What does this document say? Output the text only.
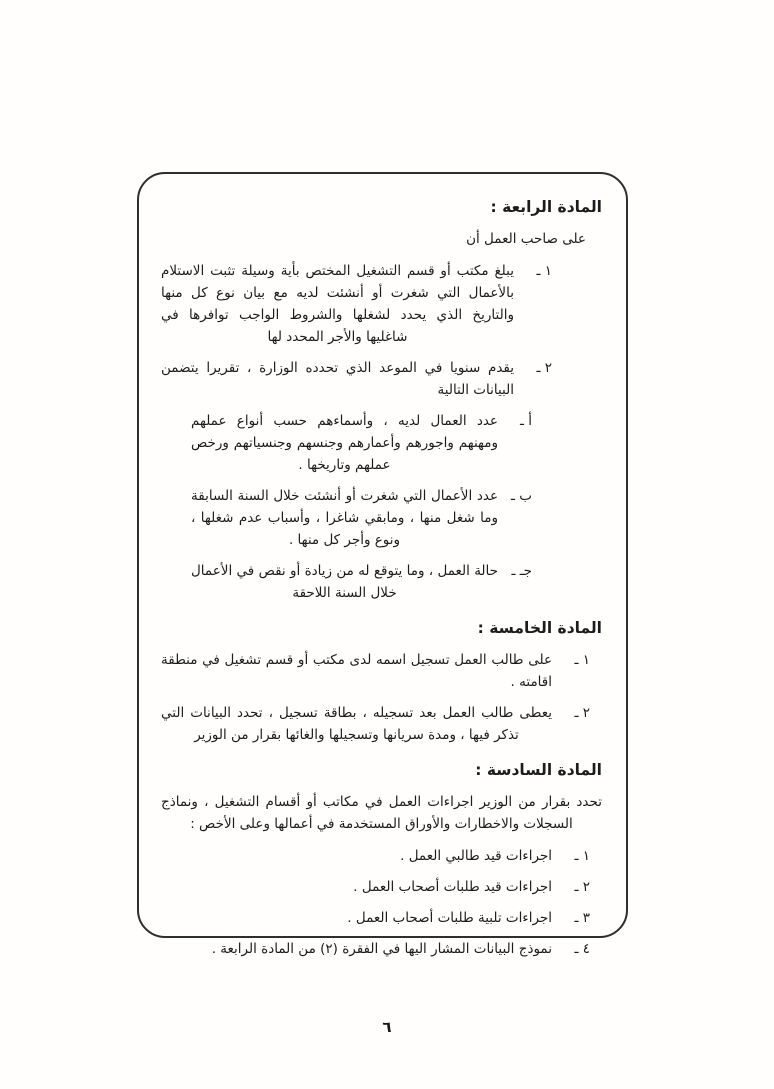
المادة الرابعة :

على صاحب العمل أن

١ ـ
يبلغ مكتب أو قسم التشغيل المختص بأية وسيلة تثبت الاستلام بالأعمال التي شغرت أو أنشئت لديه مع بيان نوع كل منها والتاريخ الذي يحدد لشغلها والشروط الواجب توافرها في شاغليها والأجر المحدد لها
٢ ـ
يقدم سنويا في الموعد الذي تحدده الوزارة ، تقريرا يتضمن البيانات التالية
أ ـ
عدد العمال لديه ، وأسماءهم حسب أنواع عملهم ومهنهم واجورهم وأعمارهم وجنسهم وجنسياتهم ورخص عملهم وتاريخها .
ب ـ
عدد الأعمال التي شغرت أو أنشئت خلال السنة السابقة وما شغل منها ، ومابقي شاغرا ، وأسباب عدم شغلها ، ونوع وأجر كل منها .
جـ ـ
حالة العمل ، وما يتوقع له من زيادة أو نقص في الأعمال خلال السنة اللاحقة
المادة الخامسة :
١ ـ
على طالب العمل تسجيل اسمه لدى مكتب أو قسم تشغيل في منطقة اقامته .
٢ ـ
يعطى طالب العمل بعد تسجيله ، بطاقة تسجيل ، تحدد البيانات التي تذكر فيها ، ومدة سريانها وتسجيلها والغائها بقرار من الوزير
المادة السادسة :

تحدد بقرار من الوزير اجراءات العمل في مكاتب أو أقسام التشغيل ، ونماذج السجلات والاخطارات والأوراق المستخدمة في أعمالها وعلى الأخص :

١ ـ
اجراءات قيد طالبي العمل .
٢ ـ
اجراءات قيد طلبات أصحاب العمل .
٣ ـ
اجراءات تلبية طلبات أصحاب العمل .
٤ ـ
نموذج البيانات المشار اليها في الفقرة (٢) من المادة الرابعة .
٦
